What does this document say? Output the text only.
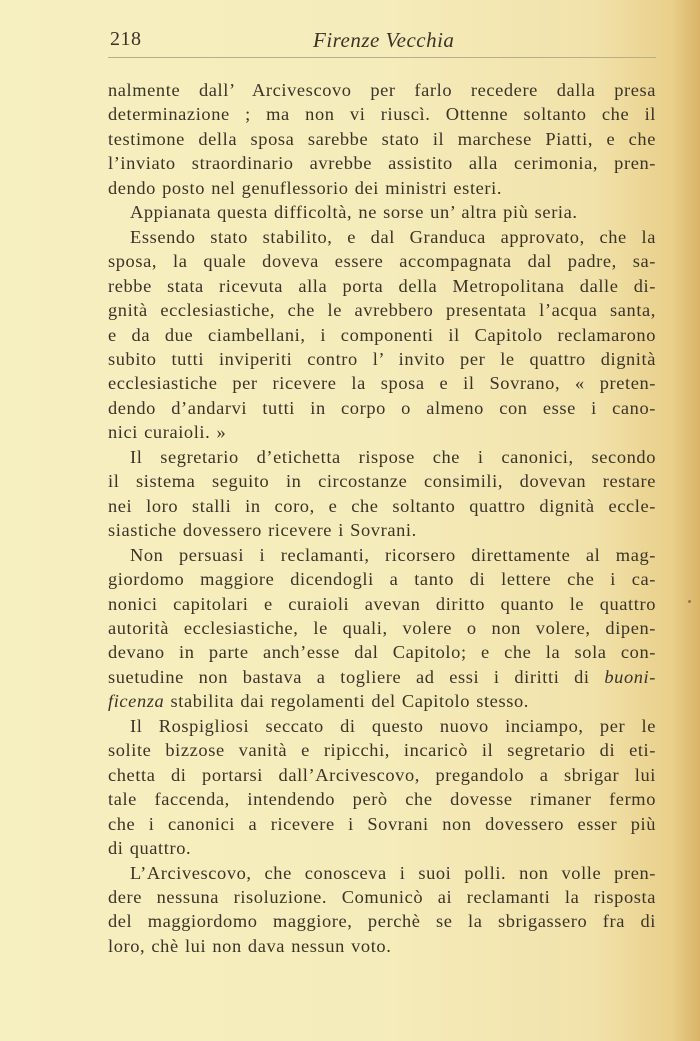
218	Firenze Vecchia
nalmente dall’ Arcivescovo per farlo recedere dalla presa
determinazione ; ma non vi riuscì. Ottenne soltanto che il
testimone della sposa sarebbe stato il marchese Piatti, e che
l’inviato straordinario avrebbe assistito alla cerimonia, pren-
dendo posto nel genuflessorio dei ministri esteri.
Appianata questa difficoltà, ne sorse un’ altra più seria.
Essendo stato stabilito, e dal Granduca approvato, che la
sposa, la quale doveva essere accompagnata dal padre, sa-
rebbe stata ricevuta alla porta della Metropolitana dalle di-
gnità ecclesiastiche, che le avrebbero presentata l’acqua santa,
e da due ciambellani, i componenti il Capitolo reclamarono
subito tutti inviperiti contro l’ invito per le quattro dignità
ecclesiastiche per ricevere la sposa e il Sovrano, « preten-
dendo d’andarvi tutti in corpo o almeno con esse i cano-
nici curaioli. »
Il segretario d’etichetta rispose che i canonici, secondo
il sistema seguito in circostanze consimili, dovevan restare
nei loro stalli in coro, e che soltanto quattro dignità eccle-
siastiche dovessero ricevere i Sovrani.
Non persuasi i reclamanti, ricorsero direttamente al mag-
giordomo maggiore dicendogli a tanto di lettere che i ca-
nonici capitolari e curaioli avevan diritto quanto le quattro
autorità ecclesiastiche, le quali, volere o non volere, dipen-
devano in parte anch’esse dal Capitolo; e che la sola con-
suetudine non bastava a togliere ad essi i diritti di buoni-
ficenza stabilita dai regolamenti del Capitolo stesso.
Il Rospigliosi seccato di questo nuovo inciampo, per le
solite bizzose vanità e ripicchi, incaricò il segretario di eti-
chetta di portarsi dall’Arcivescovo, pregandolo a sbrigar lui
tale faccenda, intendendo però che dovesse rimaner fermo
che i canonici a ricevere i Sovrani non dovessero esser più
di quattro.
L’Arcivescovo, che conosceva i suoi polli. non volle pren-
dere nessuna risoluzione. Comunicò ai reclamanti la risposta
del maggiordomo maggiore, perchè se la sbrigassero fra di
loro, chè lui non dava nessun voto.
